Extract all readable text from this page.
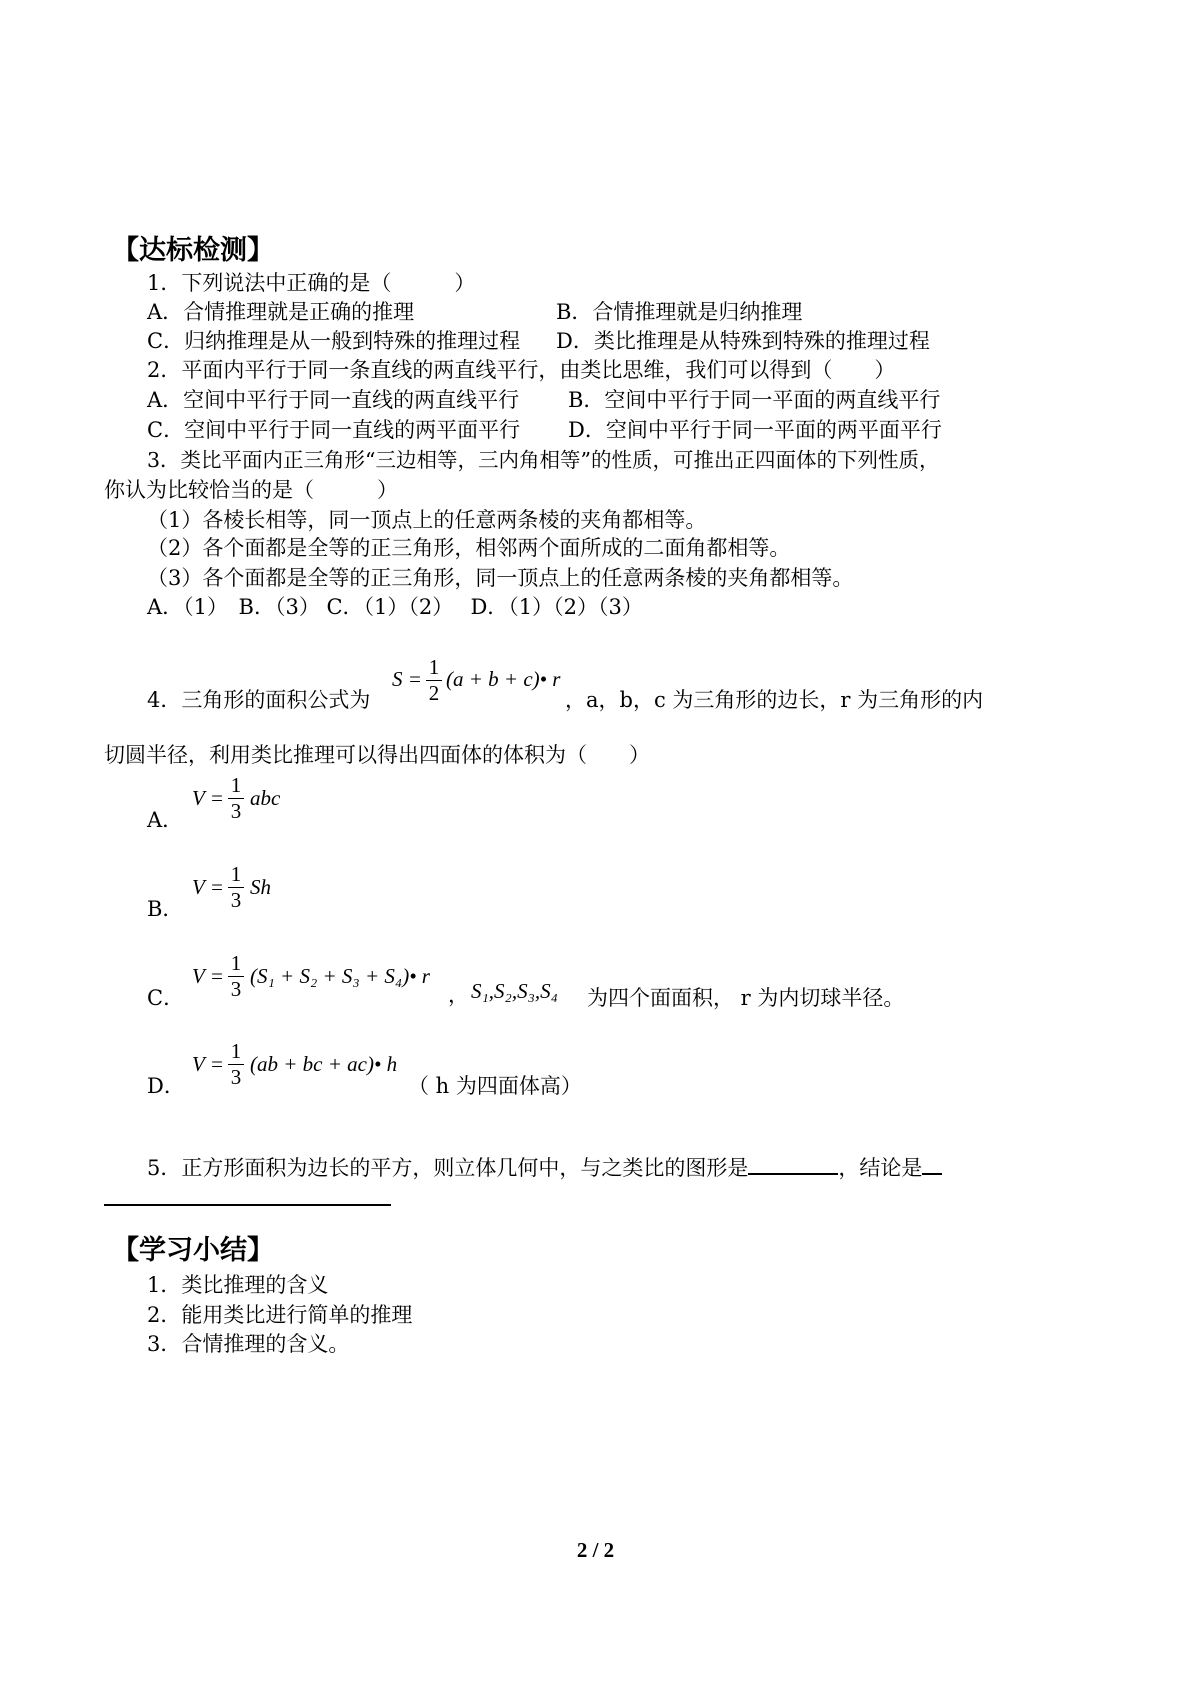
【达标检测】
1．下列说法中正确的是（　　　）
A．合情推理就是正确的推理	B．合情推理就是归纳推理
C．归纳推理是从一般到特殊的推理过程 D．类比推理是从特殊到特殊的推理过程
2．平面内平行于同一条直线的两直线平行，由类比思维，我们可以得到（　　）
A．空间中平行于同一直线的两直线平行 B．空间中平行于同一平面的两直线平行
C．空间中平行于同一直线的两平面平行 D．空间中平行于同一平面的两平面平行
3．类比平面内正三角形“三边相等，三内角相等”的性质，可推出正四面体的下列性质，
你认为比较恰当的是（　　　）
（1）各棱长相等，同一顶点上的任意两条棱的夹角都相等。
（2）各个面都是全等的正三角形，相邻两个面所成的二面角都相等。
（3）各个面都是全等的正三角形，同一顶点上的任意两条棱的夹角都相等。
A．（1）　B．（3） C．（1）（2）　 D．（1）（2）（3）
4．三角形的面积公式为
S = 1
2
(a + b + c)• r
，a，b，c 为三角形的边长，r 为三角形的内
切圆半径，利用类比推理可以得出四面体的体积为（　　）
A．
V =
1
3
abc
B．
V =
1
3
Sh
C．
V =
1
3
(S₁ + S₂ + S₃ + S₄)• r
， S₁,S₂,S₃,S₄ 为四个面面积， r 为内切球半径。
D．
V =
1
3
(ab + bc + ac)• h
（ h 为四面体高）
5．正方形面积为边长的平方，则立体几何中，与之类比的图形是	，结论是
【学习小结】
1．类比推理的含义
2．能用类比进行简单的推理
3．合情推理的含义。
2 / 2
